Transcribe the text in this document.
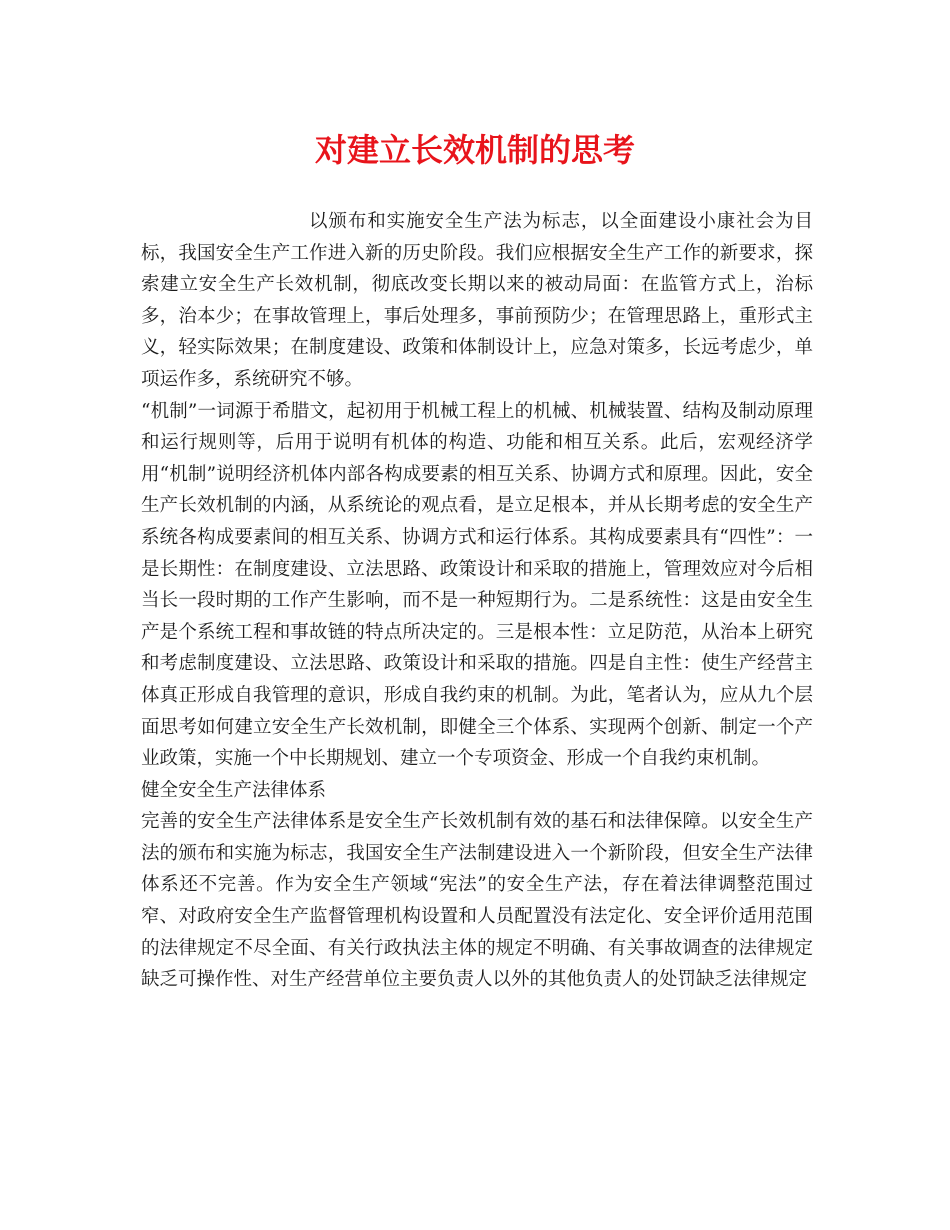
对建立长效机制的思考

以颁布和实施安全生产法为标志，以全面建设小康社会为目标，我国安全生产工作进入新的历史阶段。我们应根据安全生产工作的新要求，探索建立安全生产长效机制，彻底改变长期以来的被动局面：在监管方式上，治标多，治本少；在事故管理上，事后处理多，事前预防少；在管理思路上，重形式主义，轻实际效果；在制度建设、政策和体制设计上，应急对策多，长远考虑少，单项运作多，系统研究不够。

“机制”一词源于希腊文，起初用于机械工程上的机械、机械装置、结构及制动原理和运行规则等，后用于说明有机体的构造、功能和相互关系。此后，宏观经济学用“机制”说明经济机体内部各构成要素的相互关系、协调方式和原理。因此，安全生产长效机制的内涵，从系统论的观点看，是立足根本，并从长期考虑的安全生产系统各构成要素间的相互关系、协调方式和运行体系。其构成要素具有“四性”：一是长期性：在制度建设、立法思路、政策设计和采取的措施上，管理效应对今后相当长一段时期的工作产生影响，而不是一种短期行为。二是系统性：这是由安全生产是个系统工程和事故链的特点所决定的。三是根本性：立足防范，从治本上研究和考虑制度建设、立法思路、政策设计和采取的措施。四是自主性：使生产经营主体真正形成自我管理的意识，形成自我约束的机制。为此，笔者认为，应从九个层面思考如何建立安全生产长效机制，即健全三个体系、实现两个创新、制定一个产业政策，实施一个中长期规划、建立一个专项资金、形成一个自我约束机制。

健全安全生产法律体系

完善的安全生产法律体系是安全生产长效机制有效的基石和法律保障。以安全生产法的颁布和实施为标志，我国安全生产法制建设进入一个新阶段，但安全生产法律体系还不完善。作为安全生产领域“宪法”的安全生产法，存在着法律调整范围过窄、对政府安全生产监督管理机构设置和人员配置没有法定化、安全评价适用范围的法律规定不尽全面、有关行政执法主体的规定不明确、有关事故调查的法律规定缺乏可操作性、对生产经营单位主要负责人以外的其他负责人的处罚缺乏法律规定
